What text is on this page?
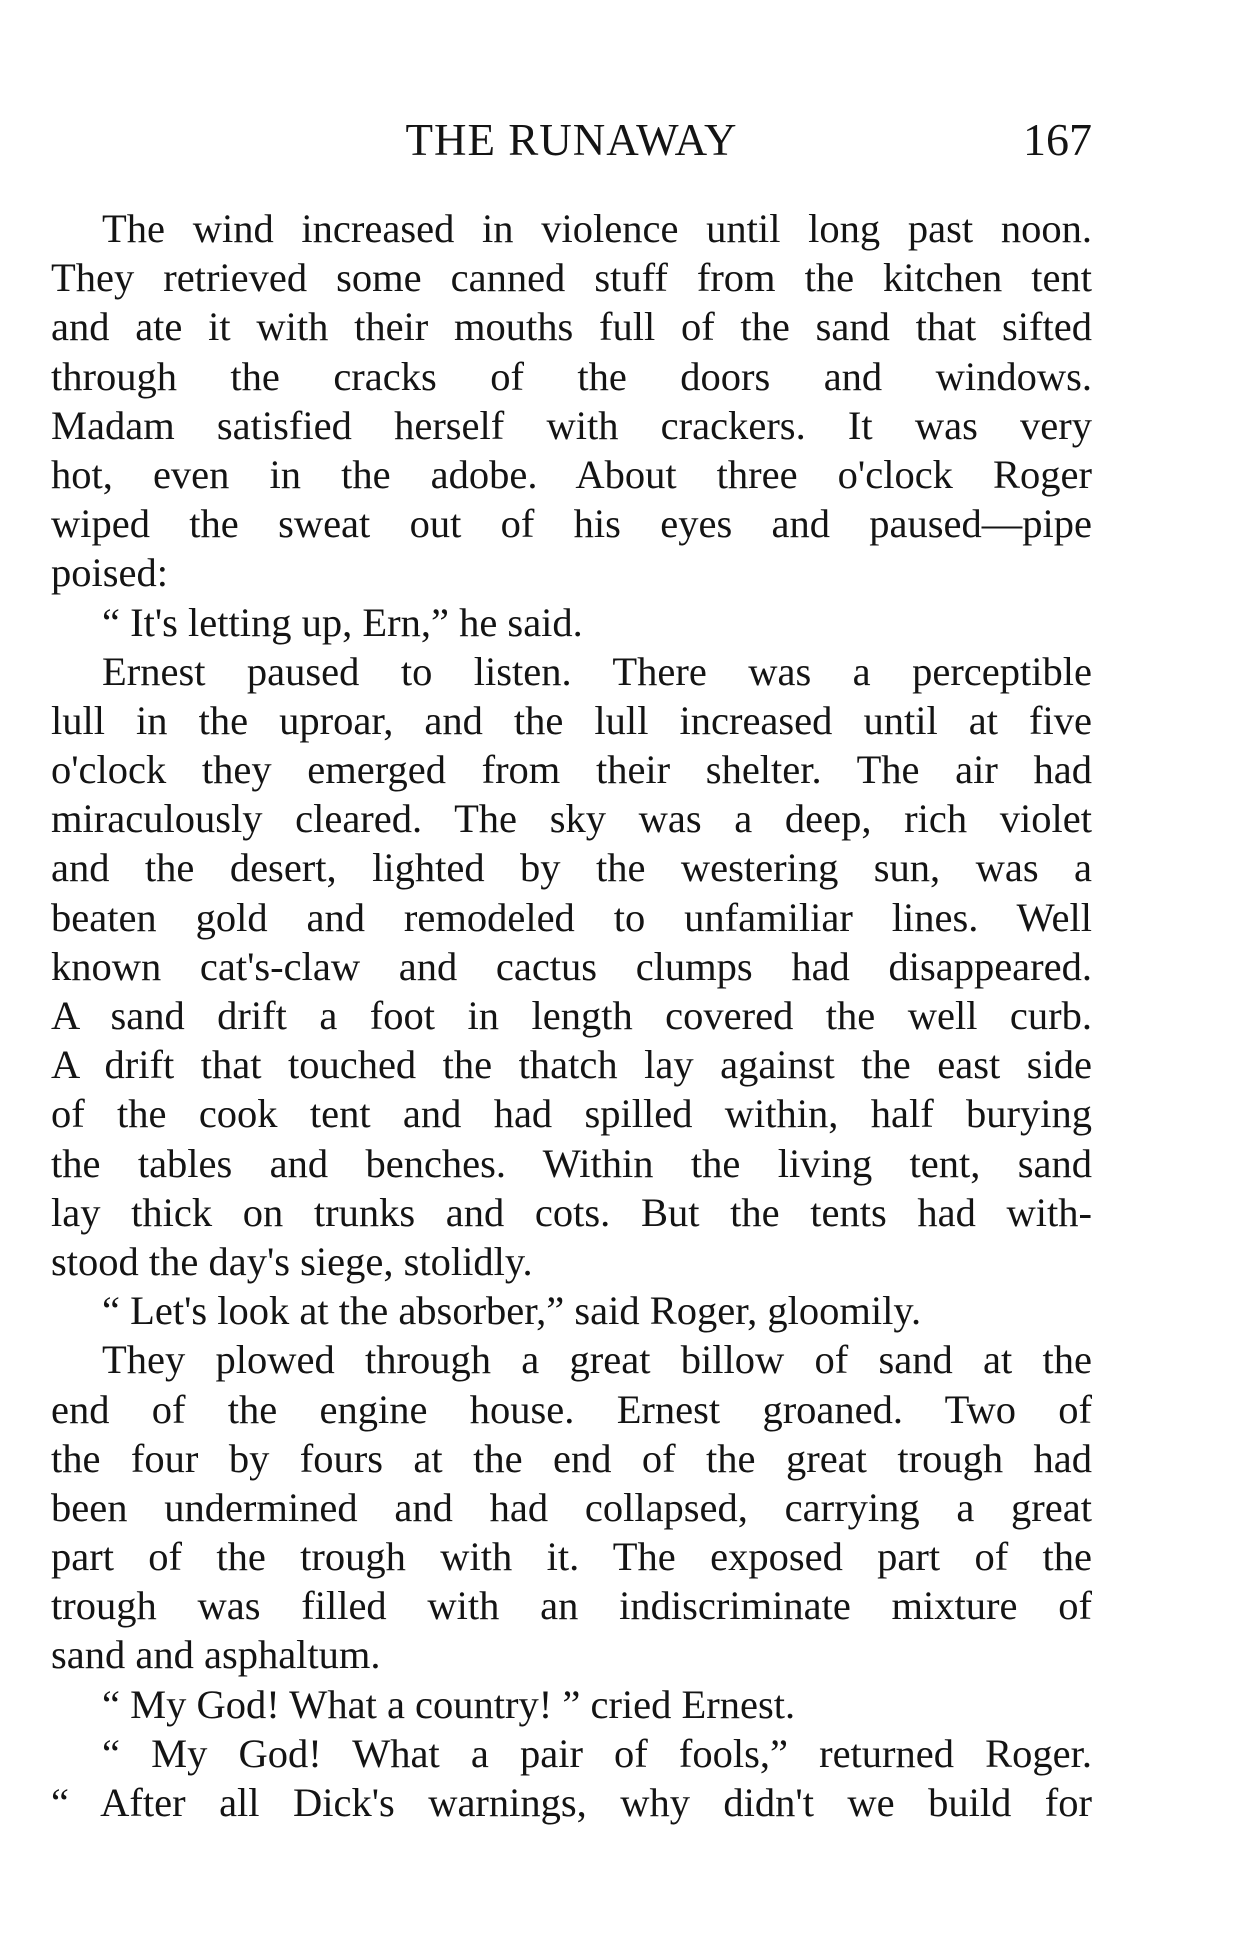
THE RUNAWAY	167
The wind increased in violence until long past noon.
They retrieved some canned stuff from the kitchen tent
and ate it with their mouths full of the sand that sifted
through the cracks of the doors and windows.
Madam satisfied herself with crackers. It was very
hot, even in the adobe. About three o'clock Roger
wiped the sweat out of his eyes and paused—pipe
poised:
“ It's letting up, Ern,” he said.
Ernest paused to listen. There was a perceptible
lull in the uproar, and the lull increased until at five
o'clock they emerged from their shelter. The air had
miraculously cleared. The sky was a deep, rich violet
and the desert, lighted by the westering sun, was a
beaten gold and remodeled to unfamiliar lines. Well
known cat's-claw and cactus clumps had disappeared.
A sand drift a foot in length covered the well curb.
A drift that touched the thatch lay against the east side
of the cook tent and had spilled within, half burying
the tables and benches. Within the living tent, sand
lay thick on trunks and cots. But the tents had with-
stood the day's siege, stolidly.
“ Let's look at the absorber,” said Roger, gloomily.
They plowed through a great billow of sand at the
end of the engine house. Ernest groaned. Two of
the four by fours at the end of the great trough had
been undermined and had collapsed, carrying a great
part of the trough with it. The exposed part of the
trough was filled with an indiscriminate mixture of
sand and asphaltum.
“ My God! What a country! ” cried Ernest.
“ My God! What a pair of fools,” returned Roger.
“ After all Dick's warnings, why didn't we build for
